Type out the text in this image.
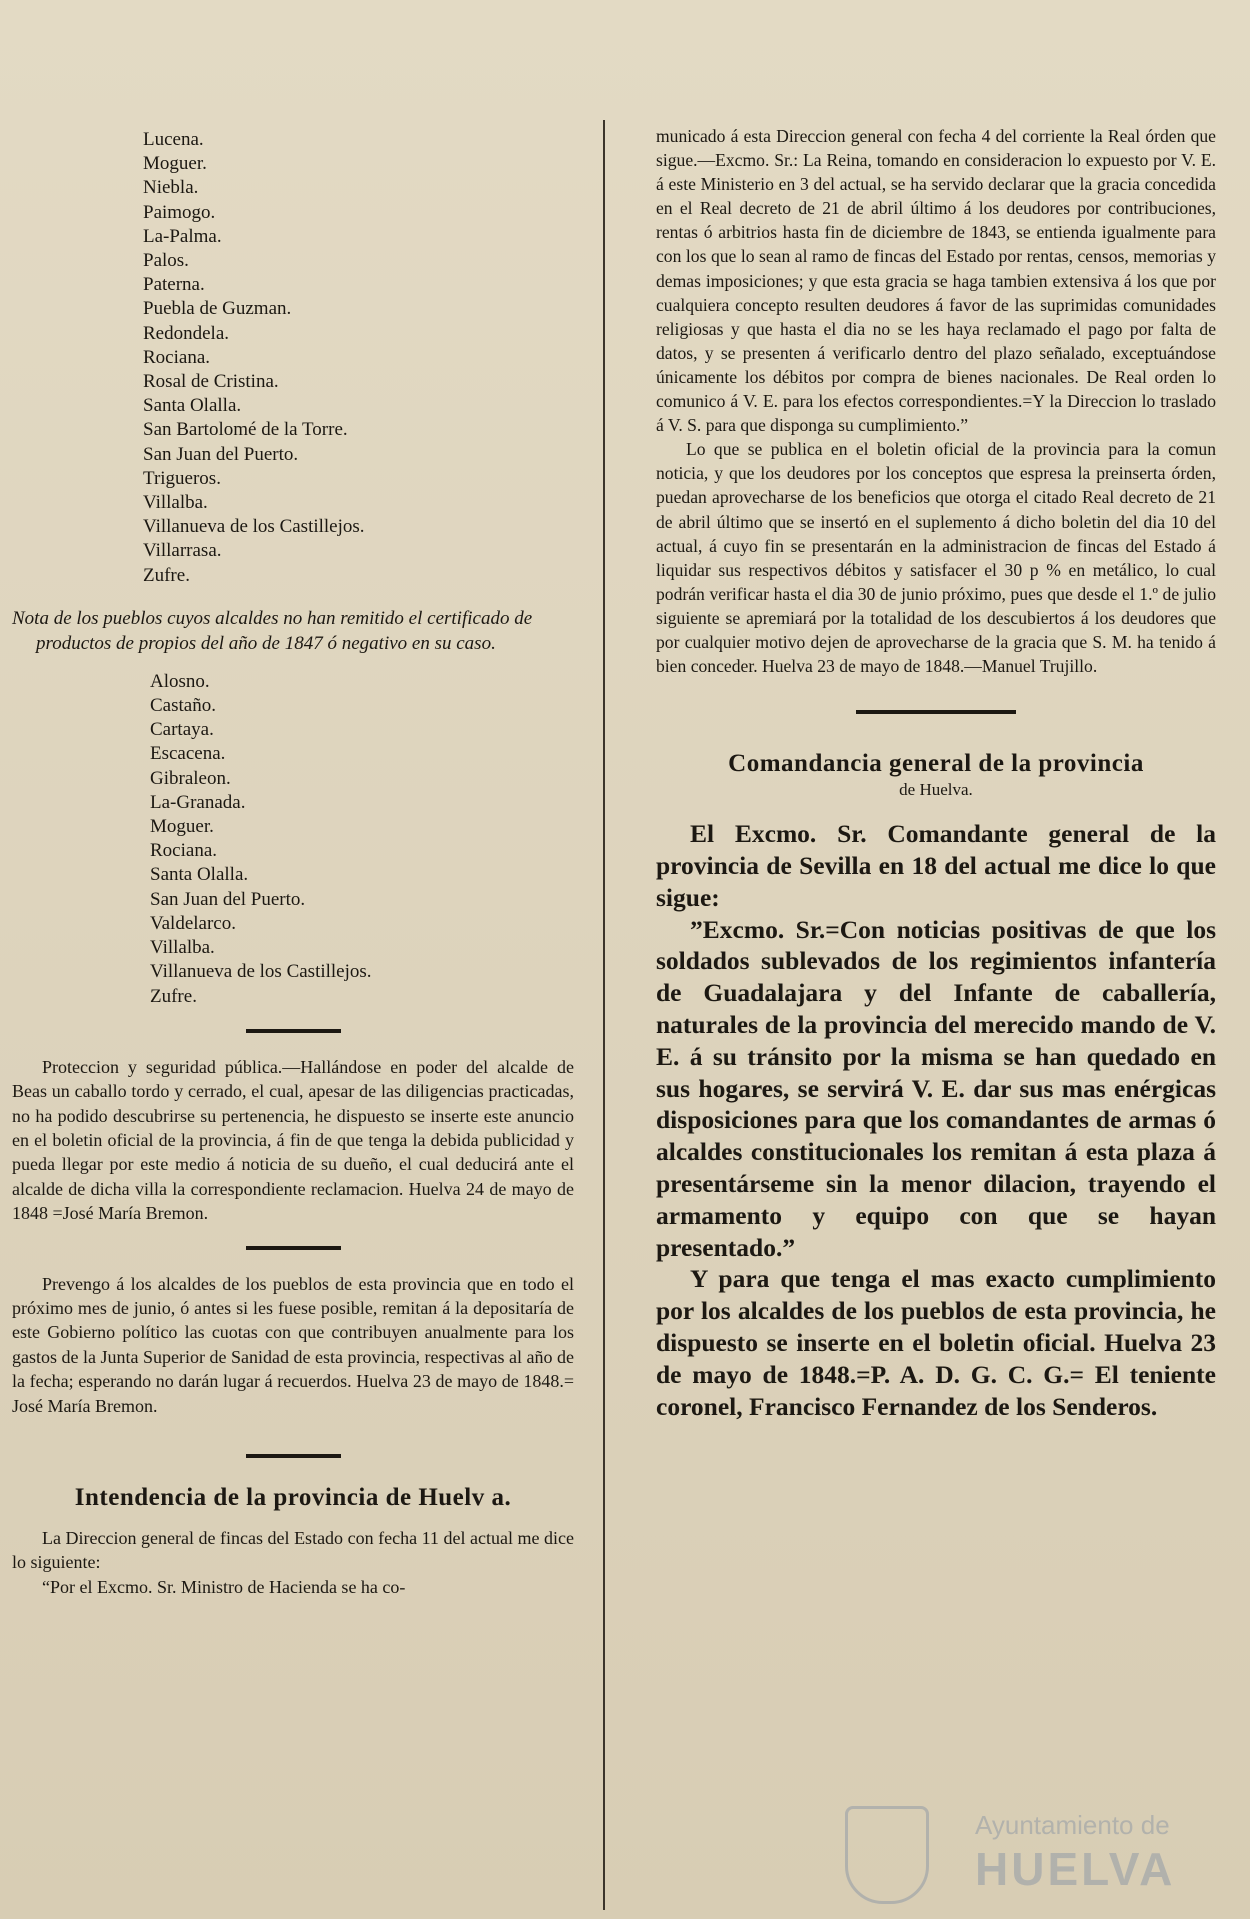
Lucena.
Moguer.
Niebla.
Paimogo.
La-Palma.
Palos.
Paterna.
Puebla de Guzman.
Redondela.
Rociana.
Rosal de Cristina.
Santa Olalla.
San Bartolomé de la Torre.
San Juan del Puerto.
Trigueros.
Villalba.
Villanueva de los Castillejos.
Villarrasa.
Zufre.

Nota de los pueblos cuyos alcaldes no han remitido el certificado de productos de propios del año de 1847 ó negativo en su caso.

Alosno.
Castaño.
Cartaya.
Escacena.
Gibraleon.
La-Granada.
Moguer.
Rociana.
Santa Olalla.
San Juan del Puerto.
Valdelarco.
Villalba.
Villanueva de los Castillejos.
Zufre.

Proteccion y seguridad pública.—Hallándose en poder del alcalde de Beas un caballo tordo y cerrado, el cual, apesar de las diligencias practicadas, no ha podido descubrirse su pertenencia, he dispuesto se inserte este anuncio en el boletin oficial de la provincia, á fin de que tenga la debida publicidad y pueda llegar por este medio á noticia de su dueño, el cual deducirá ante el alcalde de dicha villa la correspondiente reclamacion. Huelva 24 de mayo de 1848 =José María Bremon.

Prevengo á los alcaldes de los pueblos de esta provincia que en todo el próximo mes de junio, ó antes si les fuese posible, remitan á la depositaría de este Gobierno político las cuotas con que contribuyen anualmente para los gastos de la Junta Superior de Sanidad de esta provincia, respectivas al año de la fecha; esperando no darán lugar á recuerdos. Huelva 23 de mayo de 1848.= José María Bremon.

Intendencia de la provincia de Huelv a.

La Direccion general de fincas del Estado con fecha 11 del actual me dice lo siguiente:

“Por el Excmo. Sr. Ministro de Hacienda se ha co-

municado á esta Direccion general con fecha 4 del corriente la Real órden que sigue.—Excmo. Sr.: La Reina, tomando en consideracion lo expuesto por V. E. á este Ministerio en 3 del actual, se ha servido declarar que la gracia concedida en el Real decreto de 21 de abril último á los deudores por contribuciones, rentas ó arbitrios hasta fin de diciembre de 1843, se entienda igualmente para con los que lo sean al ramo de fincas del Estado por rentas, censos, memorias y demas imposiciones; y que esta gracia se haga tambien extensiva á los que por cualquiera concepto resulten deudores á favor de las suprimidas comunidades religiosas y que hasta el dia no se les haya reclamado el pago por falta de datos, y se presenten á verificarlo dentro del plazo señalado, exceptuándose únicamente los débitos por compra de bienes nacionales. De Real orden lo comunico á V. E. para los efectos correspondientes.=Y la Direccion lo traslado á V. S. para que disponga su cumplimiento.”

Lo que se publica en el boletin oficial de la provincia para la comun noticia, y que los deudores por los conceptos que espresa la preinserta órden, puedan aprovecharse de los beneficios que otorga el citado Real decreto de 21 de abril último que se insertó en el suplemento á dicho boletin del dia 10 del actual, á cuyo fin se presentarán en la administracion de fincas del Estado á liquidar sus respectivos débitos y satisfacer el 30 p % en metálico, lo cual podrán verificar hasta el dia 30 de junio próximo, pues que desde el 1.º de julio siguiente se apremiará por la totalidad de los descubiertos á los deudores que por cualquier motivo dejen de aprovecharse de la gracia que S. M. ha tenido á bien conceder. Huelva 23 de mayo de 1848.—Manuel Trujillo.

Comandancia general de la provincia

de Huelva.

El Excmo. Sr. Comandante general de la provincia de Sevilla en 18 del actual me dice lo que sigue:

”Excmo. Sr.=Con noticias positivas de que los soldados sublevados de los regimientos infantería de Guadalajara y del Infante de caballería, naturales de la provincia del merecido mando de V. E. á su tránsito por la misma se han quedado en sus hogares, se servirá V. E. dar sus mas enérgicas disposiciones para que los comandantes de armas ó alcaldes constitucionales los remitan á esta plaza á presentárseme sin la menor dilacion, trayendo el armamento y equipo con que se hayan presentado.”

Y para que tenga el mas exacto cumplimiento por los alcaldes de los pueblos de esta provincia, he dispuesto se inserte en el boletin oficial. Huelva 23 de mayo de 1848.=P. A. D. G. C. G.= El teniente coronel, Francisco Fernandez de los Senderos.

Ayuntamiento de
HUELVA
